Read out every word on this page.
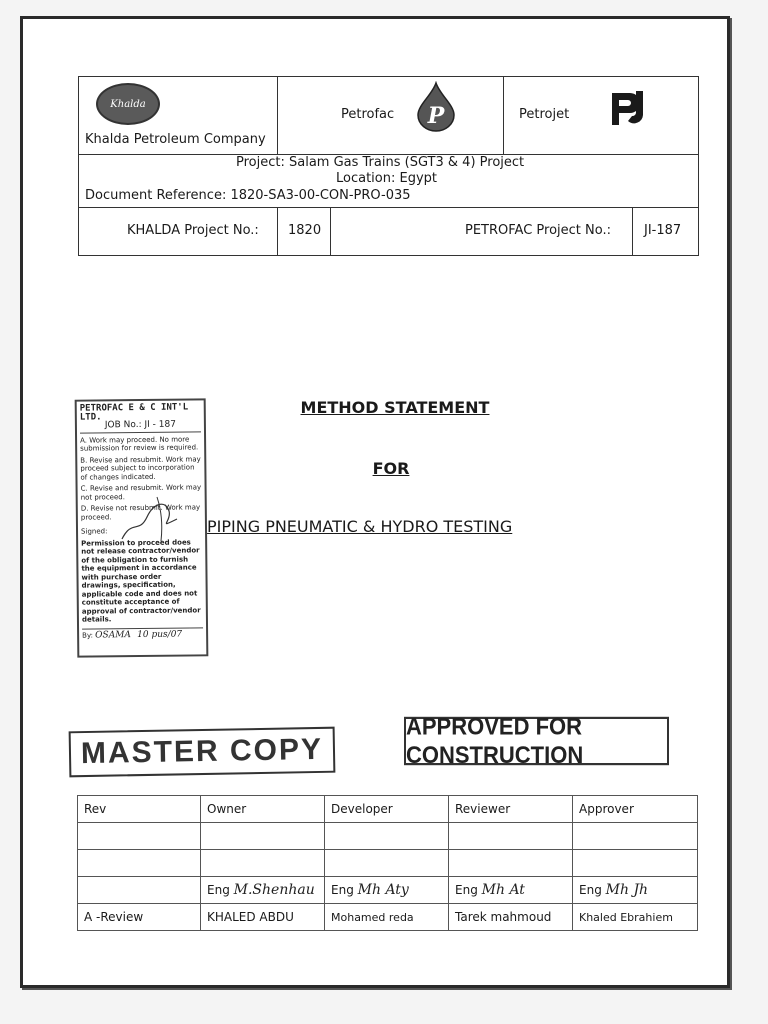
Khalda
Khalda Petroleum Company
Petrofac P	Petrojet
Project: Salam Gas Trains (SGT3 & 4) Project
Location: Egypt
Document Reference: 1820-SA3-00-CON-PRO-035
KHALDA Project No.: 1820	PETROFAC Project No.:	JI-187
METHOD STATEMENT
FOR
PIPING PNEUMATIC & HYDRO TESTING
PETROFAC E & C INT'L LTD.
JOB No.: JI - 187
A. Work may proceed. No more submission for review is required.
B. Revise and resubmit. Work may proceed subject to incorporation of changes indicated.
C. Revise and resubmit. Work may not proceed.
D. Revise not resubmit. Work may proceed.
Signed:
Permission to proceed does not release contractor/vendor of the obligation to furnish the equipment in accordance with purchase order drawings, specification, applicable code and does not constitute acceptance of approval of contractor/vendor details.
By: OSAMA 10 pus/07
MASTER COPY
APPROVED FOR CONSTRUCTION
Rev	Owner	Developer	Reviewer	Approver

	Eng M.Shenhau	Eng Mh Aty	Eng Mh At	Eng Mh Jh
A -Review	KHALED ABDU	Mohamed reda	Tarek mahmoud	Khaled Ebrahiem
